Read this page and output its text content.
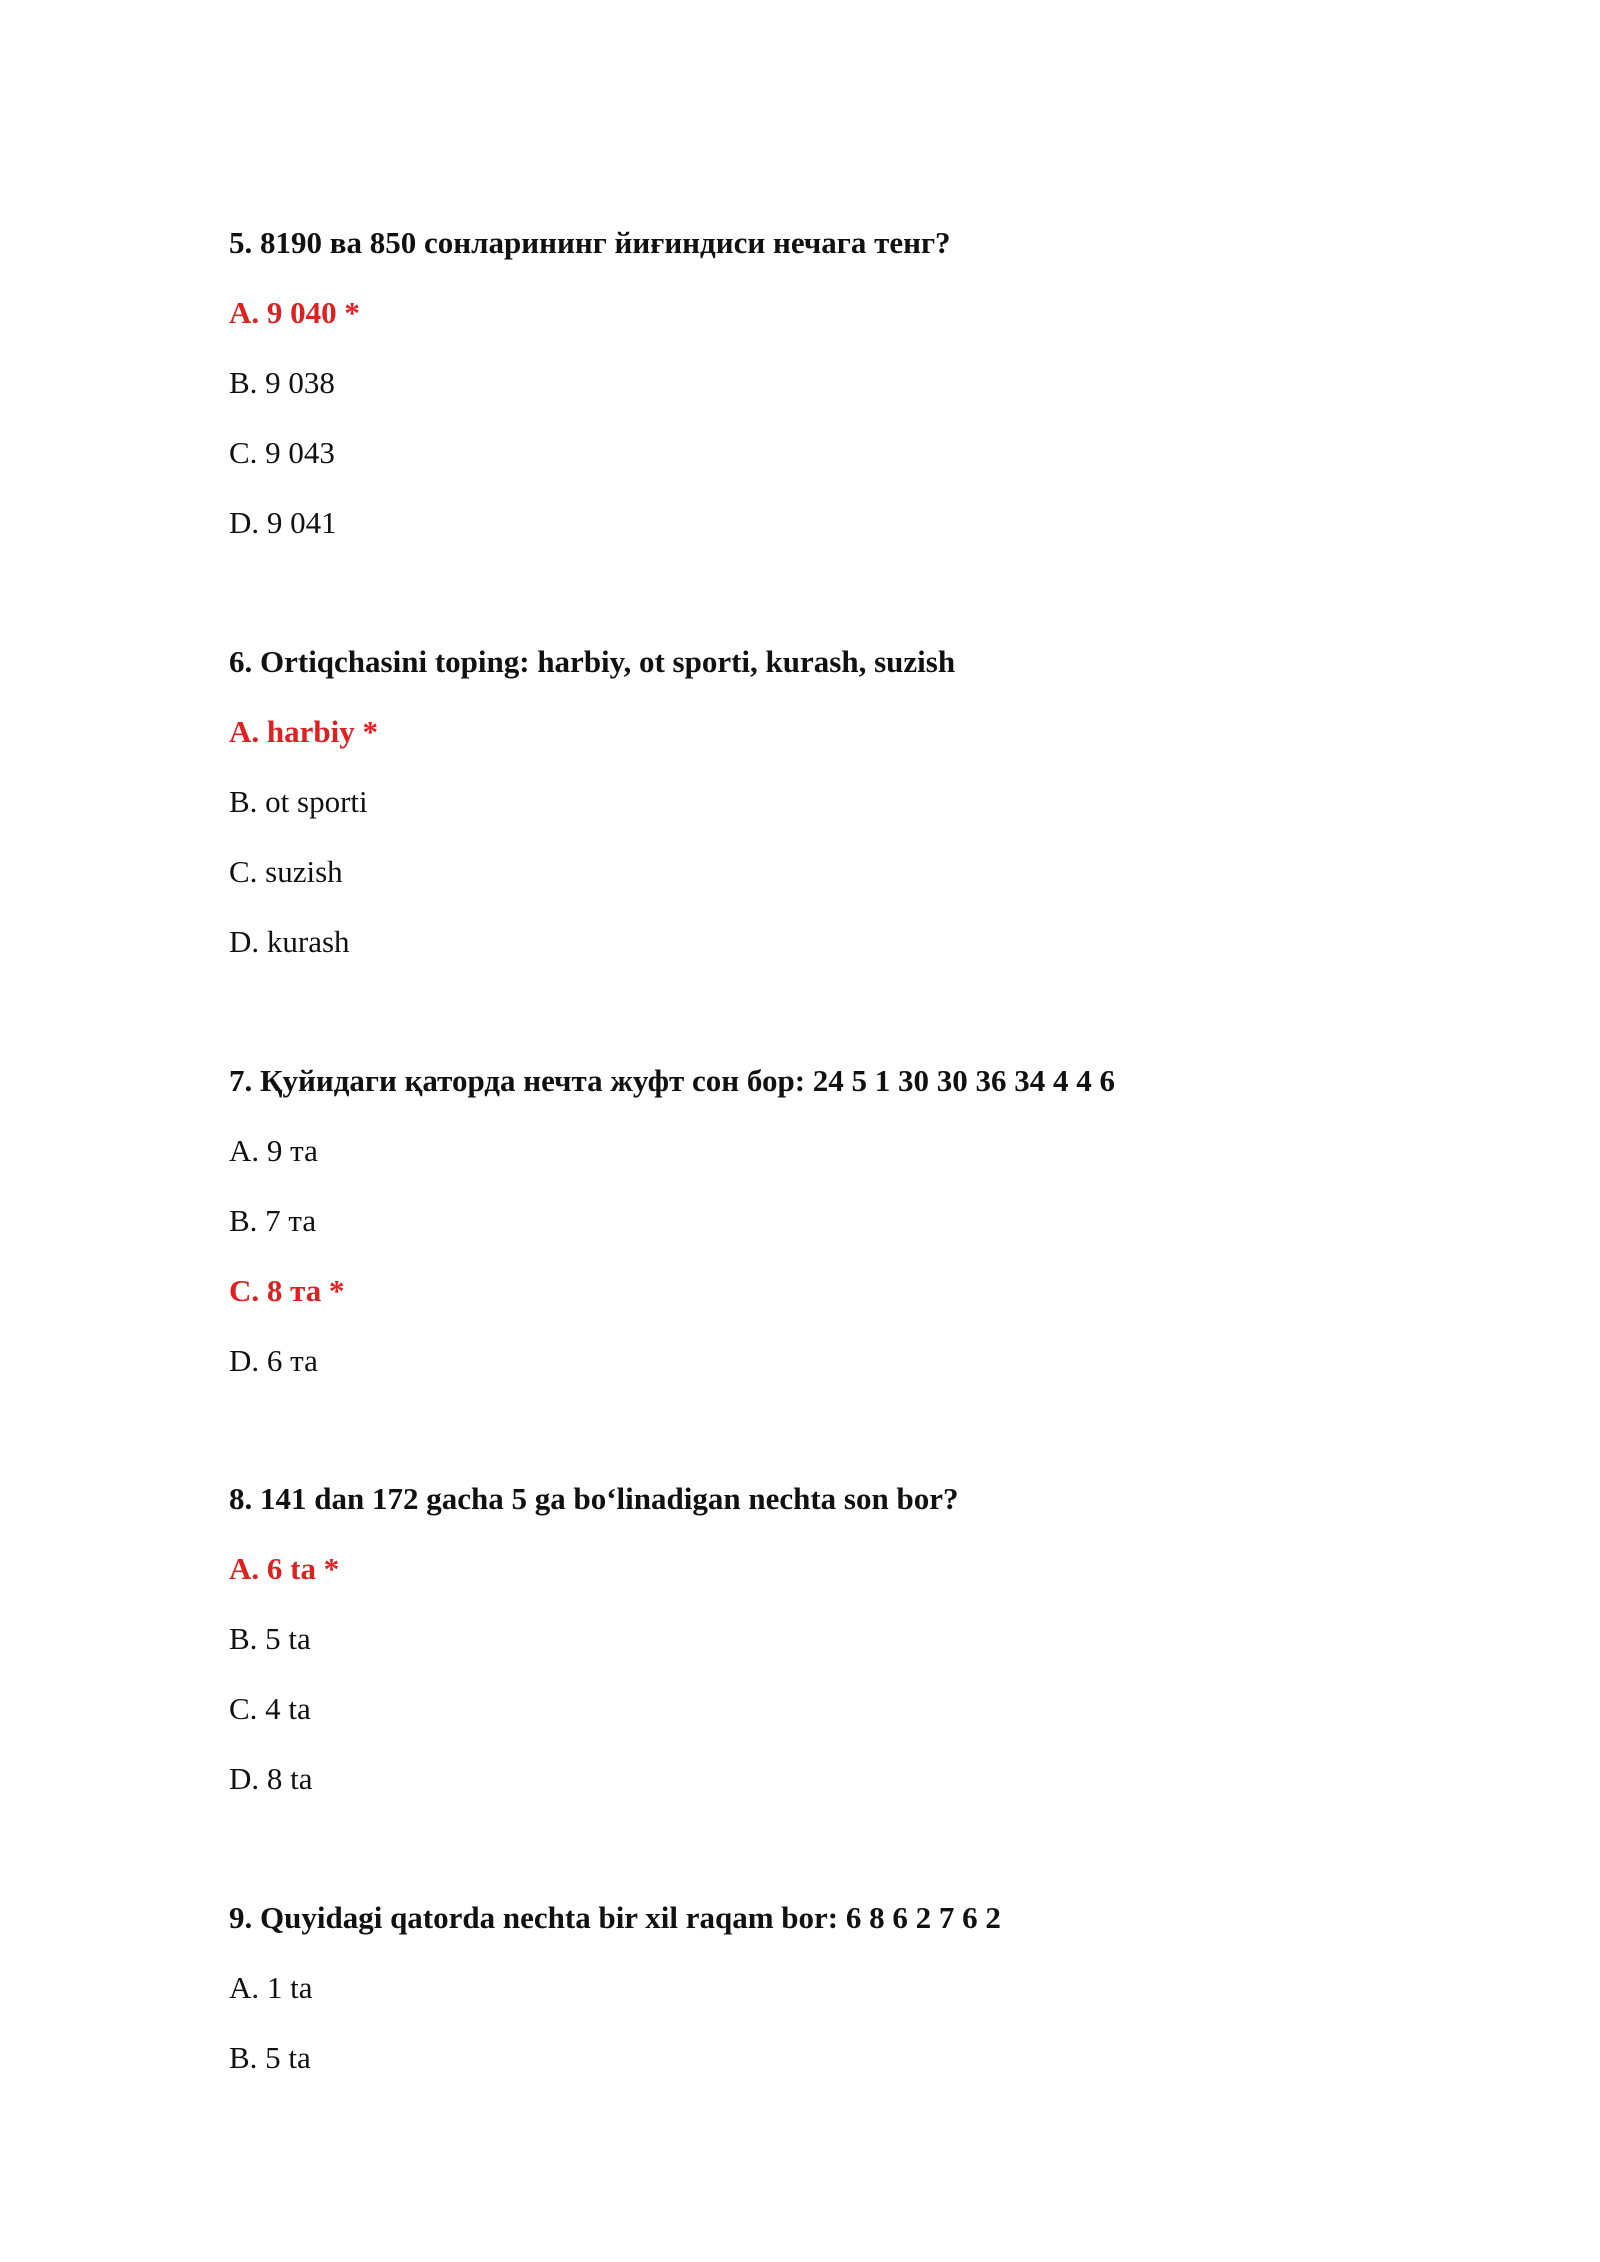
5. 8190 ва 850 сонларининг йиғиндиси нечага тенг?
A. 9 040 *
B. 9 038
C. 9 043
D. 9 041
6. Ortiqchasini toping: harbiy, ot sporti, kurash, suzish
A. harbiy *
B. ot sporti
C. suzish
D. kurash
7. Қуйидаги қаторда нечта жуфт сон бор: 24 5 1 30 30 36 34 4 4 6
A. 9 та
B. 7 та
C. 8 та *
D. 6 та
8. 141 dan 172 gacha 5 ga bo‘linadigan nechta son bor?
A. 6 ta *
B. 5 ta
C. 4 ta
D. 8 ta
9. Quyidagi qatorda nechta bir xil raqam bor: 6 8 6 2 7 6 2
A. 1 ta
B. 5 ta
